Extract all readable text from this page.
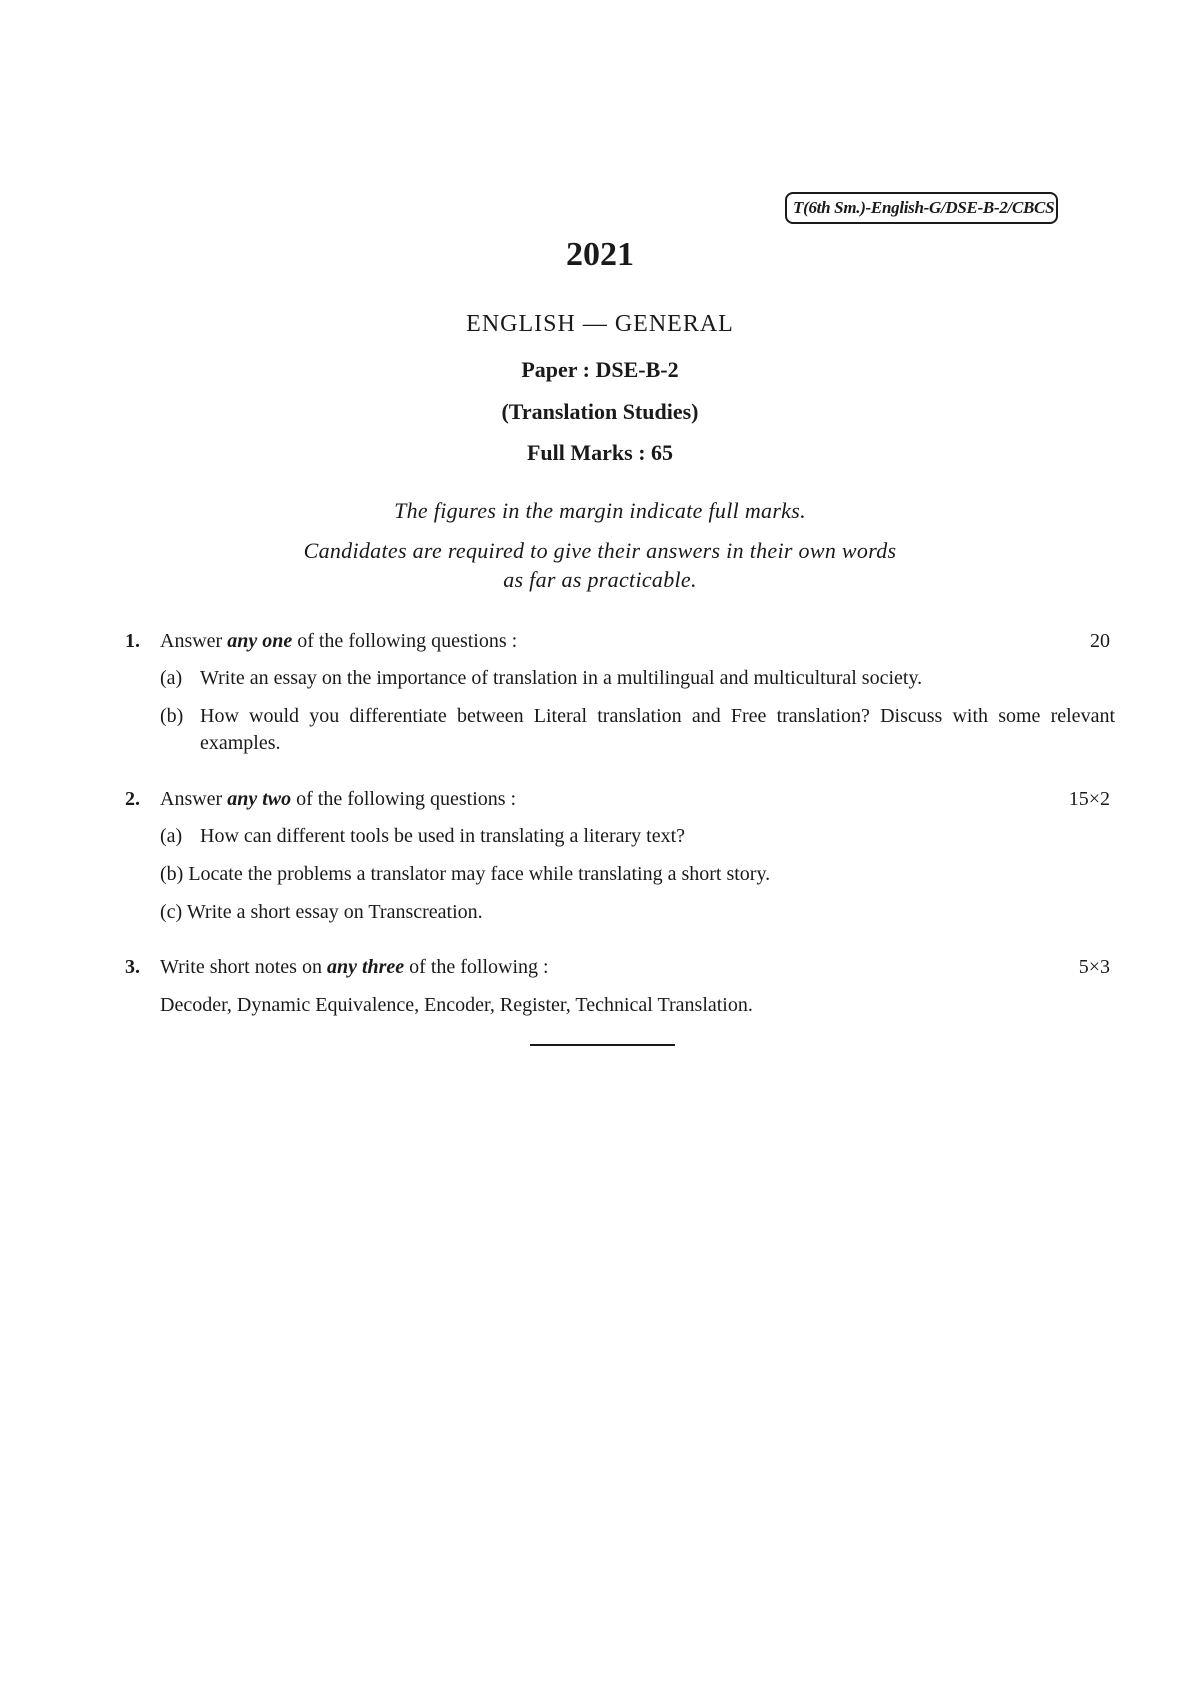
T(6th Sm.)-English-G/DSE-B-2/CBCS
2021
ENGLISH — GENERAL
Paper : DSE-B-2
(Translation Studies)
Full Marks : 65
The figures in the margin indicate full marks.
Candidates are required to give their answers in their own words
as far as practicable.
1. Answer any one of the following questions :	20
(a) Write an essay on the importance of translation in a multilingual and multicultural society.
(b) How would you differentiate between Literal translation and Free translation? Discuss with some relevant examples.
2. Answer any two of the following questions :	15×2
(a) How can different tools be used in translating a literary text?
(b) Locate the problems a translator may face while translating a short story.
(c) Write a short essay on Transcreation.
3. Write short notes on any three of the following :	5×3
Decoder, Dynamic Equivalence, Encoder, Register, Technical Translation.
